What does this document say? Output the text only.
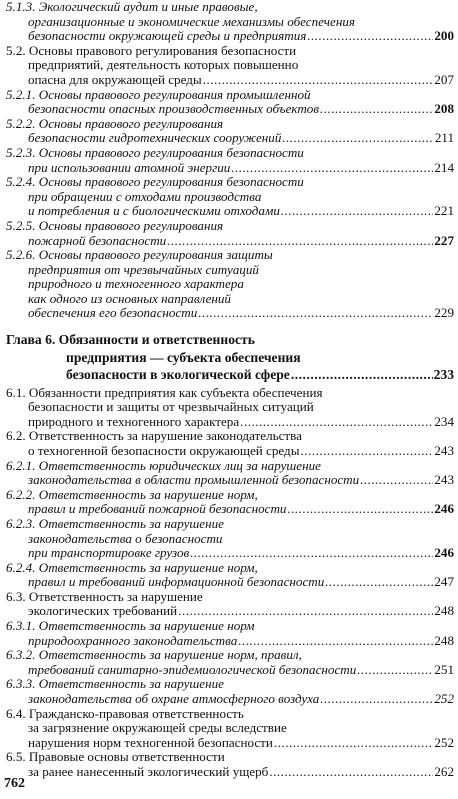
5.1.3. Экологический аудит и иные правовые,
организационные и экономические механизмы обеспечения
безопасности окружающей среды и предприятия .....	200
5.2. Основы правового регулирования безопасности
предприятий, деятельность которых повышенно
опасна для окружающей среды .....	207
5.2.1. Основы правового регулирования промышленной
безопасности опасных производственных объектов .....	208
5.2.2. Основы правового регулирования
безопасности гидротехнических сооружений .....	211
5.2.3. Основы правового регулирования безопасности
при использовании атомной энергии .....	214
5.2.4. Основы правового регулирования безопасности
при обращении с отходами производства
и потребления и с биологическими отходами .....	221
5.2.5. Основы правового регулирования
пожарной безопасности .....	227
5.2.6. Основы правового регулирования защиты
предприятия от чрезвычайных ситуаций
природного и техногенного характера
как одного из основных направлений
обеспечения его безопасности .....	229
Глава 6. Обязанности и ответственность
предприятия — субъекта обеспечения
безопасности в экологической сфере .....	233
6.1. Обязанности предприятия как субъекта обеспечения
безопасности и защиты от чрезвычайных ситуаций
природного и техногенного характера .....	234
6.2. Ответственность за нарушение законодательства
о техногенной безопасности окружающей среды .....	243
6.2.1. Ответственность юридических лиц за нарушение
законодательства в области промышленной безопасности .....	243
6.2.2. Ответственность за нарушение норм,
правил и требований пожарной безопасности .....	246
6.2.3. Ответственность за нарушение
законодательства о безопасности
при транспортировке грузов .....	246
6.2.4. Ответственность за нарушение норм,
правил и требований информационной безопасности .....	247
6.3. Ответственность за нарушение
экологических требований .....	248
6.3.1. Ответственность за нарушение норм
природоохранного законодательства .....	248
6.3.2. Ответственность за нарушение норм, правил,
требований санитарно-эпидемиологической безопасности .....	251
6.3.3. Ответственность за нарушение
законодательства об охране атмосферного воздуха .....	252
6.4. Гражданско-правовая ответственность
за загрязнение окружающей среды вследствие
нарушения норм техногенной безопасности .....	252
6.5. Правовые основы ответственности
за ранее нанесенный экологический ущерб .....	262
762
